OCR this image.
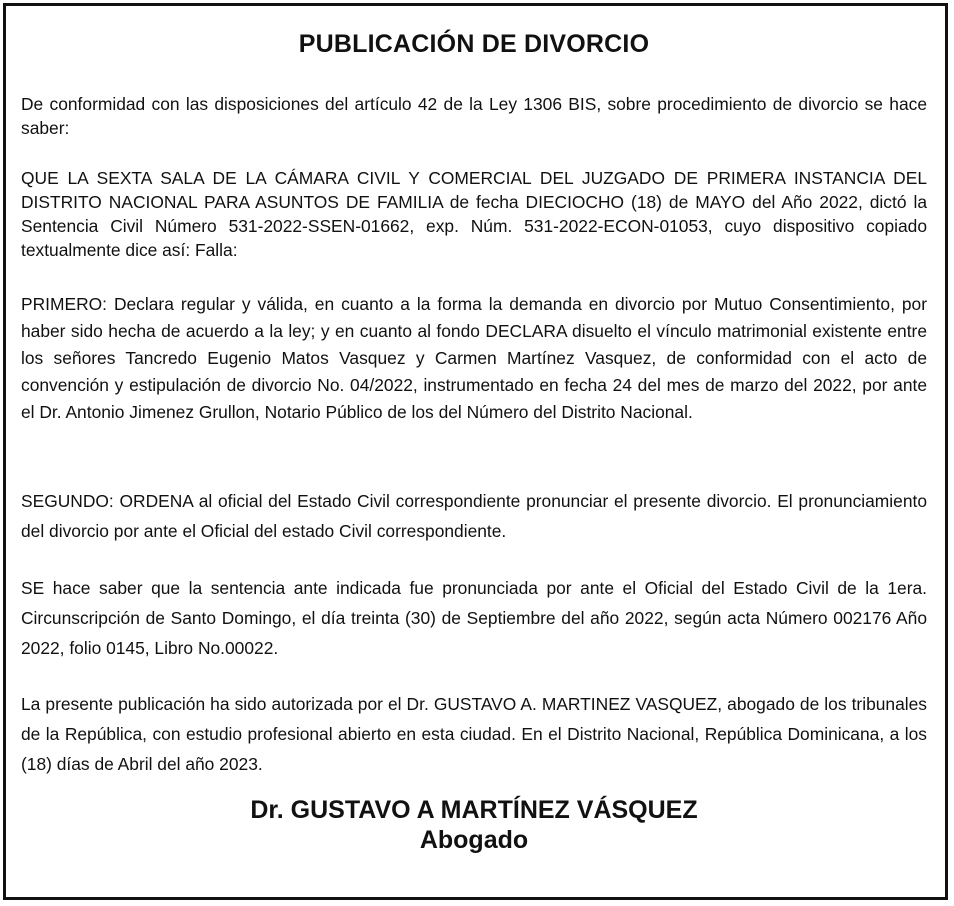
PUBLICACIÓN DE DIVORCIO

De conformidad con las disposiciones del artículo 42 de la Ley 1306 BIS, sobre procedimiento de divorcio se hace saber:

QUE LA SEXTA SALA DE LA CÁMARA CIVIL Y COMERCIAL DEL JUZGADO DE PRIMERA INSTANCIA DEL DISTRITO NACIONAL PARA ASUNTOS DE FAMILIA de fecha DIECIOCHO (18) de MAYO del Año 2022, dictó la Sentencia Civil Número 531-2022-SSEN-01662, exp. Núm. 531-2022-ECON-01053, cuyo dispositivo copiado textualmente dice así: Falla:

PRIMERO: Declara regular y válida, en cuanto a la forma la demanda en divorcio por Mutuo Consentimiento, por haber sido hecha de acuerdo a la ley; y en cuanto al fondo DECLARA disuelto el vínculo matrimonial existente entre los señores Tancredo Eugenio Matos Vasquez y Carmen Martínez Vasquez, de conformidad con el acto de convención y estipulación de divorcio No. 04/2022, instrumentado en fecha 24 del mes de marzo del 2022, por ante el Dr. Antonio Jimenez Grullon, Notario Público de los del Número del Distrito Nacional.

SEGUNDO: ORDENA al oficial del Estado Civil correspondiente pronunciar el presente divorcio. El pronunciamiento del divorcio por ante el Oficial del estado Civil correspondiente.

SE hace saber que la sentencia ante indicada fue pronunciada por ante el Oficial del Estado Civil de la 1era. Circunscripción de Santo Domingo, el día treinta (30) de Septiembre del año 2022, según acta Número 002176 Año 2022, folio 0145, Libro No.00022.

La presente publicación ha sido autorizada por el Dr. GUSTAVO A. MARTINEZ VASQUEZ, abogado de los tribunales de la República, con estudio profesional abierto en esta ciudad. En el Distrito Nacional, República Dominicana, a los (18) días de Abril del año 2023.

Dr. GUSTAVO A MARTÍNEZ VÁSQUEZ
Abogado
